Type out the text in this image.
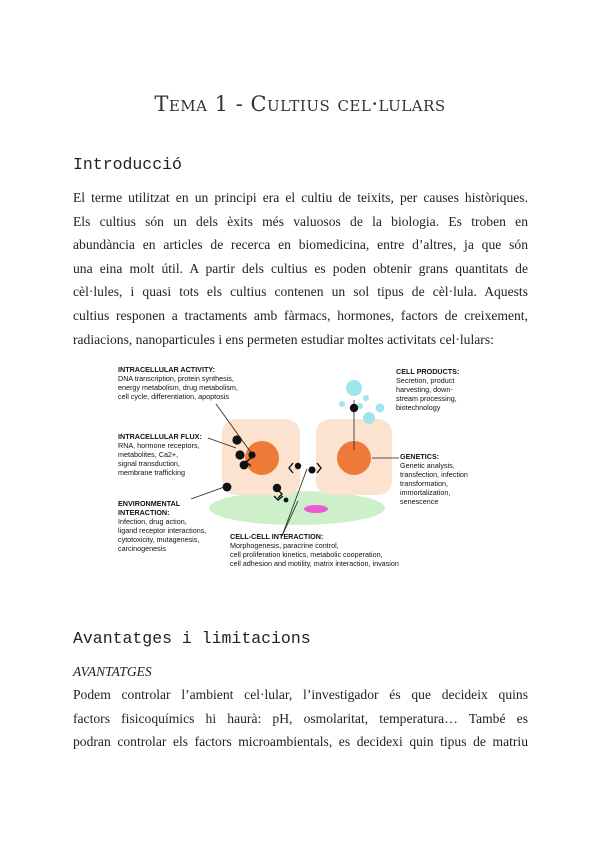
Tema 1 - Cultius cel·lulars
Introducció
El terme utilitzat en un principi era el cultiu de teixits, per causes històriques.
Els cultius són un dels èxits més valuosos de la biologia. Es troben en
abundància en articles de recerca en biomedicina, entre d’altres, ja que són
una eina molt útil. A partir dels cultius es poden obtenir grans quantitats de
cèl·lules, i quasi tots els cultius contenen un sol tipus de cèl·lula. Aquests
cultius responen a tractaments amb fàrmacs, hormones, factors de creixement,
radiacions, nanoparticules i ens permeten estudiar moltes activitats cel·lulars:
INTRACELLULAR ACTIVITY:
DNA transcription, protein synthesis,
energy metabolism, drug metabolism,
cell cycle, differentiation, apoptosis
INTRACELLULAR FLUX:
RNA, hormone receptors,
metabolites, Ca2+,
signal transduction,
membrane trafficking
ENVIRONMENTAL
INTERACTION:
Infection, drug action,
ligand receptor interactions,
cytotoxicity, mutagenesis,
carcinogenesis
CELL PRODUCTS:
Secretion, product
harvesting, down-
stream processing,
biotechnology
GENETICS:
Genetic analysis,
transfection, infection
transformation,
immortalization,
senescence
CELL-CELL INTERACTION:
Morphogenesis, paracrine control,
cell proliferation kinetics, metabolic cooperation,
cell adhesion and motility, matrix interaction, invasion
Avantatges i limitacions
AVANTATGES
Podem controlar l’ambient cel·lular, l’investigador és que decideix quins
factors fisicoquímics hi haurà: pH, osmolaritat, temperatura… També es
podran controlar els factors microambientals, es decidexi quin tipus de matriu
